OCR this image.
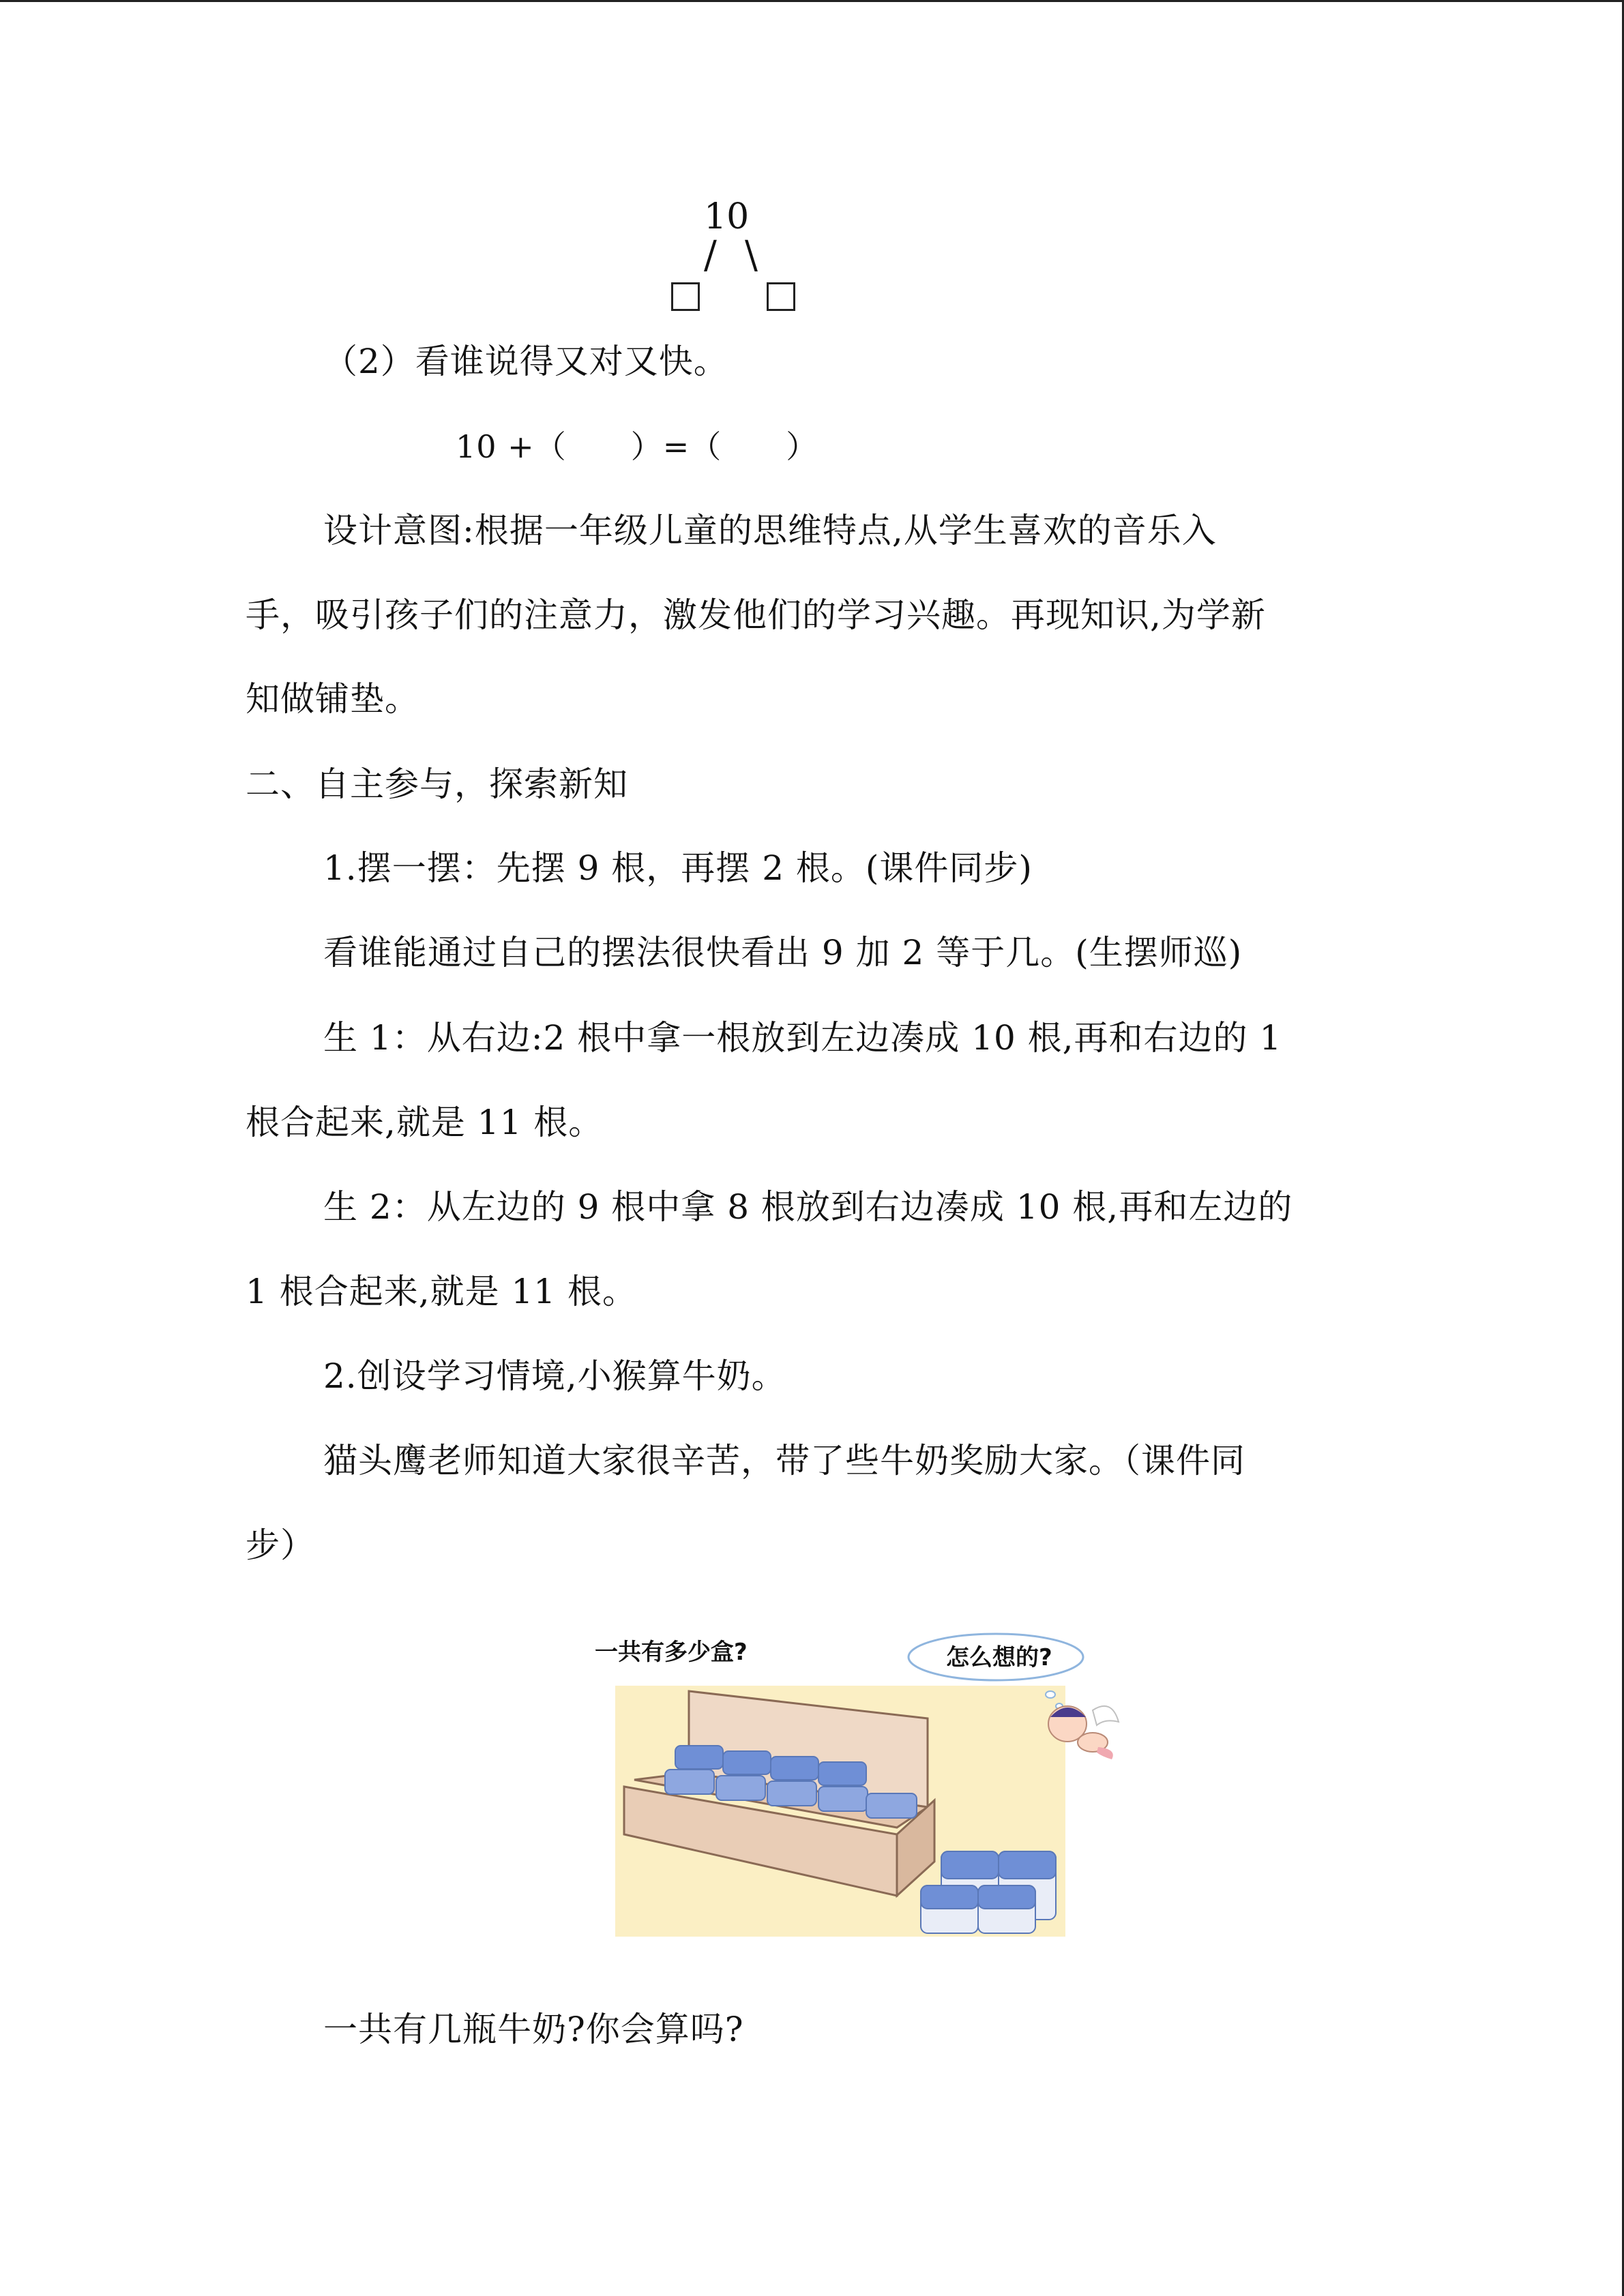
10
/ \
（2）看谁说得又对又快。
10 +（　　）=（　　）
设计意图:根据一年级儿童的思维特点,从学生喜欢的音乐入
手，吸引孩子们的注意力，激发他们的学习兴趣。再现知识,为学新
知做铺垫。
二、自主参与，探索新知
1.摆一摆：先摆 9 根，再摆 2 根。(课件同步)
看谁能通过自己的摆法很快看出 9 加 2 等于几。(生摆师巡)
生 1：从右边:2 根中拿一根放到左边凑成 10 根,再和右边的 1
根合起来,就是 11 根。
生 2：从左边的 9 根中拿 8 根放到右边凑成 10 根,再和左边的
1 根合起来,就是 11 根。
2.创设学习情境,小猴算牛奶。
猫头鹰老师知道大家很辛苦，带了些牛奶奖励大家。（课件同
步）
一共有多少盒?	怎么想的?
一共有几瓶牛奶?你会算吗?
